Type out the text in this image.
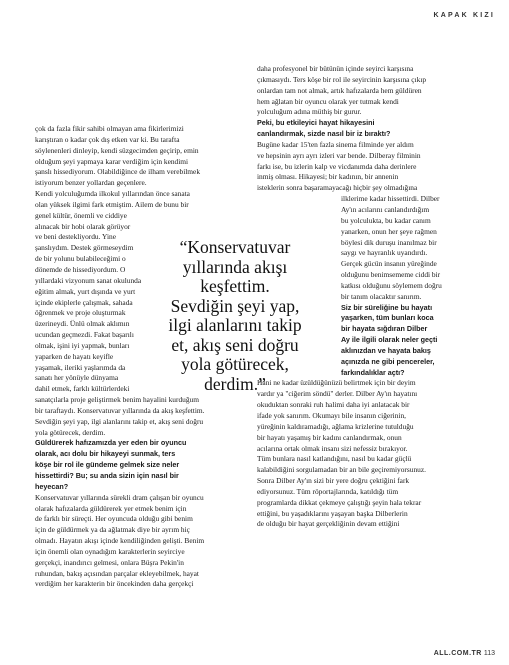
KAPAK KIZI

çok da fazla fikir sahibi olmayan ama fikirlerimizi
karıştıran o kadar çok dış etken var ki. Bu tarafta
söylenenleri dinleyip, kendi süzgecimden geçirip, emin
olduğum şeyi yapmaya karar verdiğim için kendimi
şanslı hissediyorum. Olabildiğince de ilham verebilmek
istiyorum benzer yollardan geçenlere.
Kendi yolculuğumda ilkokul yıllarından önce sanata
olan yüksek ilgimi fark etmiştim. Ailem de bunu bir

genel kültür, önemli ve ciddiye
alınacak bir hobi olarak görüyor
ve beni destekliyordu. Yine
şanslıydım. Destek görmeseydim
de bir yolunu bulabileceğimi o
dönemde de hissediyordum. O
yıllardaki vizyonum sanat okulunda
eğitim almak, yurt dışında ve yurt
içinde ekiplerle çalışmak, sahada
öğrenmek ve proje oluşturmak
üzerineydi. Ünlü olmak aklımın
ucundan geçmezdi. Fakat başarılı
olmak, işini iyi yapmak, bunları
yaparken de hayatı keyifle
yaşamak, ileriki yaşlarımda da
sanatı her yönüyle dünyama
dahil etmek, farklı kültürlerdeki

sanatçılarla proje geliştirmek benim hayalini kurduğum
bir taraftaydı. Konservatuvar yıllarında da akış keşfettim.
Sevdiğin şeyi yap, ilgi alanlarını takip et, akış seni doğru
yola götürecek, derdim.

Güldürerek hafızamızda yer eden bir oyuncu
olarak, acı dolu bir hikayeyi sunmak, ters
köşe bir rol ile gündeme gelmek size neler
hissettirdi? Bu; su anda sizin için nasıl bir
heyecan?

Konservatuvar yıllarında sürekli dram çalışan bir oyuncu
olarak hafızalarda güldürerek yer etmek benim için
de farklı bir süreçti. Her oyuncuda olduğu gibi benim
için de güldürmek ya da ağlatmak diye bir ayrım hiç
olmadı. Hayatın akışı içinde kendiliğinden gelişti. Benim
için önemli olan oynadığım karakterlerin seyirciye
gerçekçi, inandırıcı gelmesi, onlara Büşra Pekin'in
ruhundan, bakış açısından parçalar ekleyebilmek, hayat
verdiğim her karakterin bir öncekinden daha gerçekçi

“Konservatuvar
yıllarında akışı
keşfettim.
Sevdiğin şeyi yap,
ilgi alanlarını takip
et, akış seni doğru
yola götürecek,
derdim.”

daha profesyonel bir bütünün içinde seyirci karşısına
çıkmasıydı. Ters köşe bir rol ile seyircinin karşısına çıkıp
onlardan tam not almak, artık hafızalarda hem güldüren
hem ağlatan bir oyuncu olarak yer tutmak kendi
yolculuğum adına müthiş bir gurur.

Peki, bu etkileyici hayat hikayesini
canlandırmak, sizde nasıl bir iz bıraktı?

Bugüne kadar 15'ten fazla sinema filminde yer aldım
ve hepsinin ayrı ayrı izleri var bende. Dilberay filminin
farkı ise, bu izlerin kalp ve vicdanımda daha derinlere
inmiş olması. Hikayesi; bir kadının, bir annenin
isteklerin sonra başaramayacağı hiçbir şey olmadığına

ilklerime kadar hissettirdi. Dilber
Ay'ın acılarını canlandırdığım
bu yolculukta, bu kadar canım
yanarken, onun her şeye rağmen
böylesi dik duruşu inanılmaz bir
saygı ve hayranlık uyandırdı.
Gerçek gücün insanın yüreğinde
olduğunu benimsememe ciddi bir
katkısı olduğunu söylemem doğru
bir tanım olacaktır sanırım.

Siz bir süreliğine bu hayatı
yaşarken, tüm bunları koca
bir hayata sığdıran Dilber
Ay ile ilgili olarak neler geçti
aklınızdan ve hayata bakış
açınızda ne gibi pencereler,
farkındalıklar açtı?

Hani ne kadar üzüldüğünüzü belirtmek için bir deyim
vardır ya "ciğerim söndü" derler. Dilber Ay'ın hayatını
okuduktan sonraki ruh halimi daha iyi anlatacak bir
ifade yok sanırım. Okumayı bile insanın ciğerinin,
yüreğinin kaldıramadığı, ağlama krizlerine tutulduğu
bir hayatı yaşamış bir kadını canlandırmak, onun
acılarına ortak olmak insanı sizi nefessiz bırakıyor.
Tüm bunlara nasıl katlandığını, nasıl bu kadar güçlü
kalabildiğini sorgulamadan bir an bile geçiremiyorsunuz.
Sonra Dilber Ay'ın sizi bir yere doğru çektiğini fark
ediyorsunuz. Tüm röportajlarında, katıldığı tüm
programlarda dikkat çekmeye çalıştığı şeyin hala tekrar
ettiğini, bu yaşadıklarını yaşayan başka Dilberlerin
de olduğu bir hayat gerçekliğinin devam ettiğini

ALL.COM.TR 113
